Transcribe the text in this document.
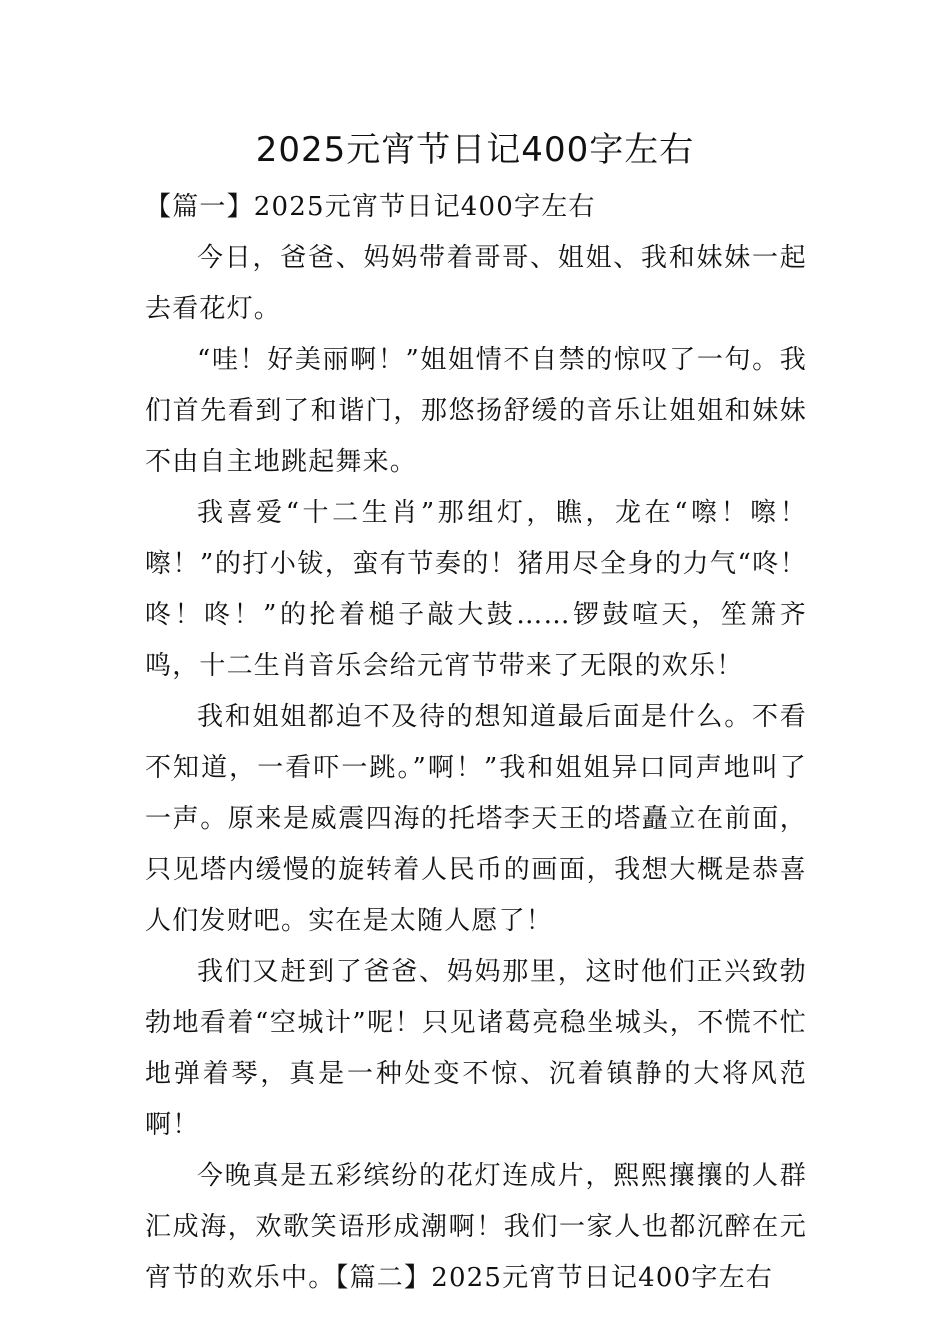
2025元宵节日记400字左右

【篇一】2025元宵节日记400字左右

今日，爸爸、妈妈带着哥哥、姐姐、我和妹妹一起去看花灯。

“哇！好美丽啊！”姐姐情不自禁的惊叹了一句。我们首先看到了和谐门，那悠扬舒缓的音乐让姐姐和妹妹不由自主地跳起舞来。

我喜爱“十二生肖”那组灯，瞧，龙在“嚓！嚓！嚓！”的打小钹，蛮有节奏的！猪用尽全身的力气“咚！咚！咚！”的抡着槌子敲大鼓……锣鼓喧天，笙箫齐鸣，十二生肖音乐会给元宵节带来了无限的欢乐！

我和姐姐都迫不及待的想知道最后面是什么。不看不知道，一看吓一跳。”啊！”我和姐姐异口同声地叫了一声。原来是威震四海的托塔李天王的塔矗立在前面，只见塔内缓慢的旋转着人民币的画面，我想大概是恭喜人们发财吧。实在是太随人愿了！

我们又赶到了爸爸、妈妈那里，这时他们正兴致勃勃地看着“空城计”呢！只见诸葛亮稳坐城头，不慌不忙地弹着琴，真是一种处变不惊、沉着镇静的大将风范啊！

今晚真是五彩缤纷的花灯连成片，熙熙攘攘的人群汇成海，欢歌笑语形成潮啊！我们一家人也都沉醉在元宵节的欢乐中。【篇二】2025元宵节日记400字左右
